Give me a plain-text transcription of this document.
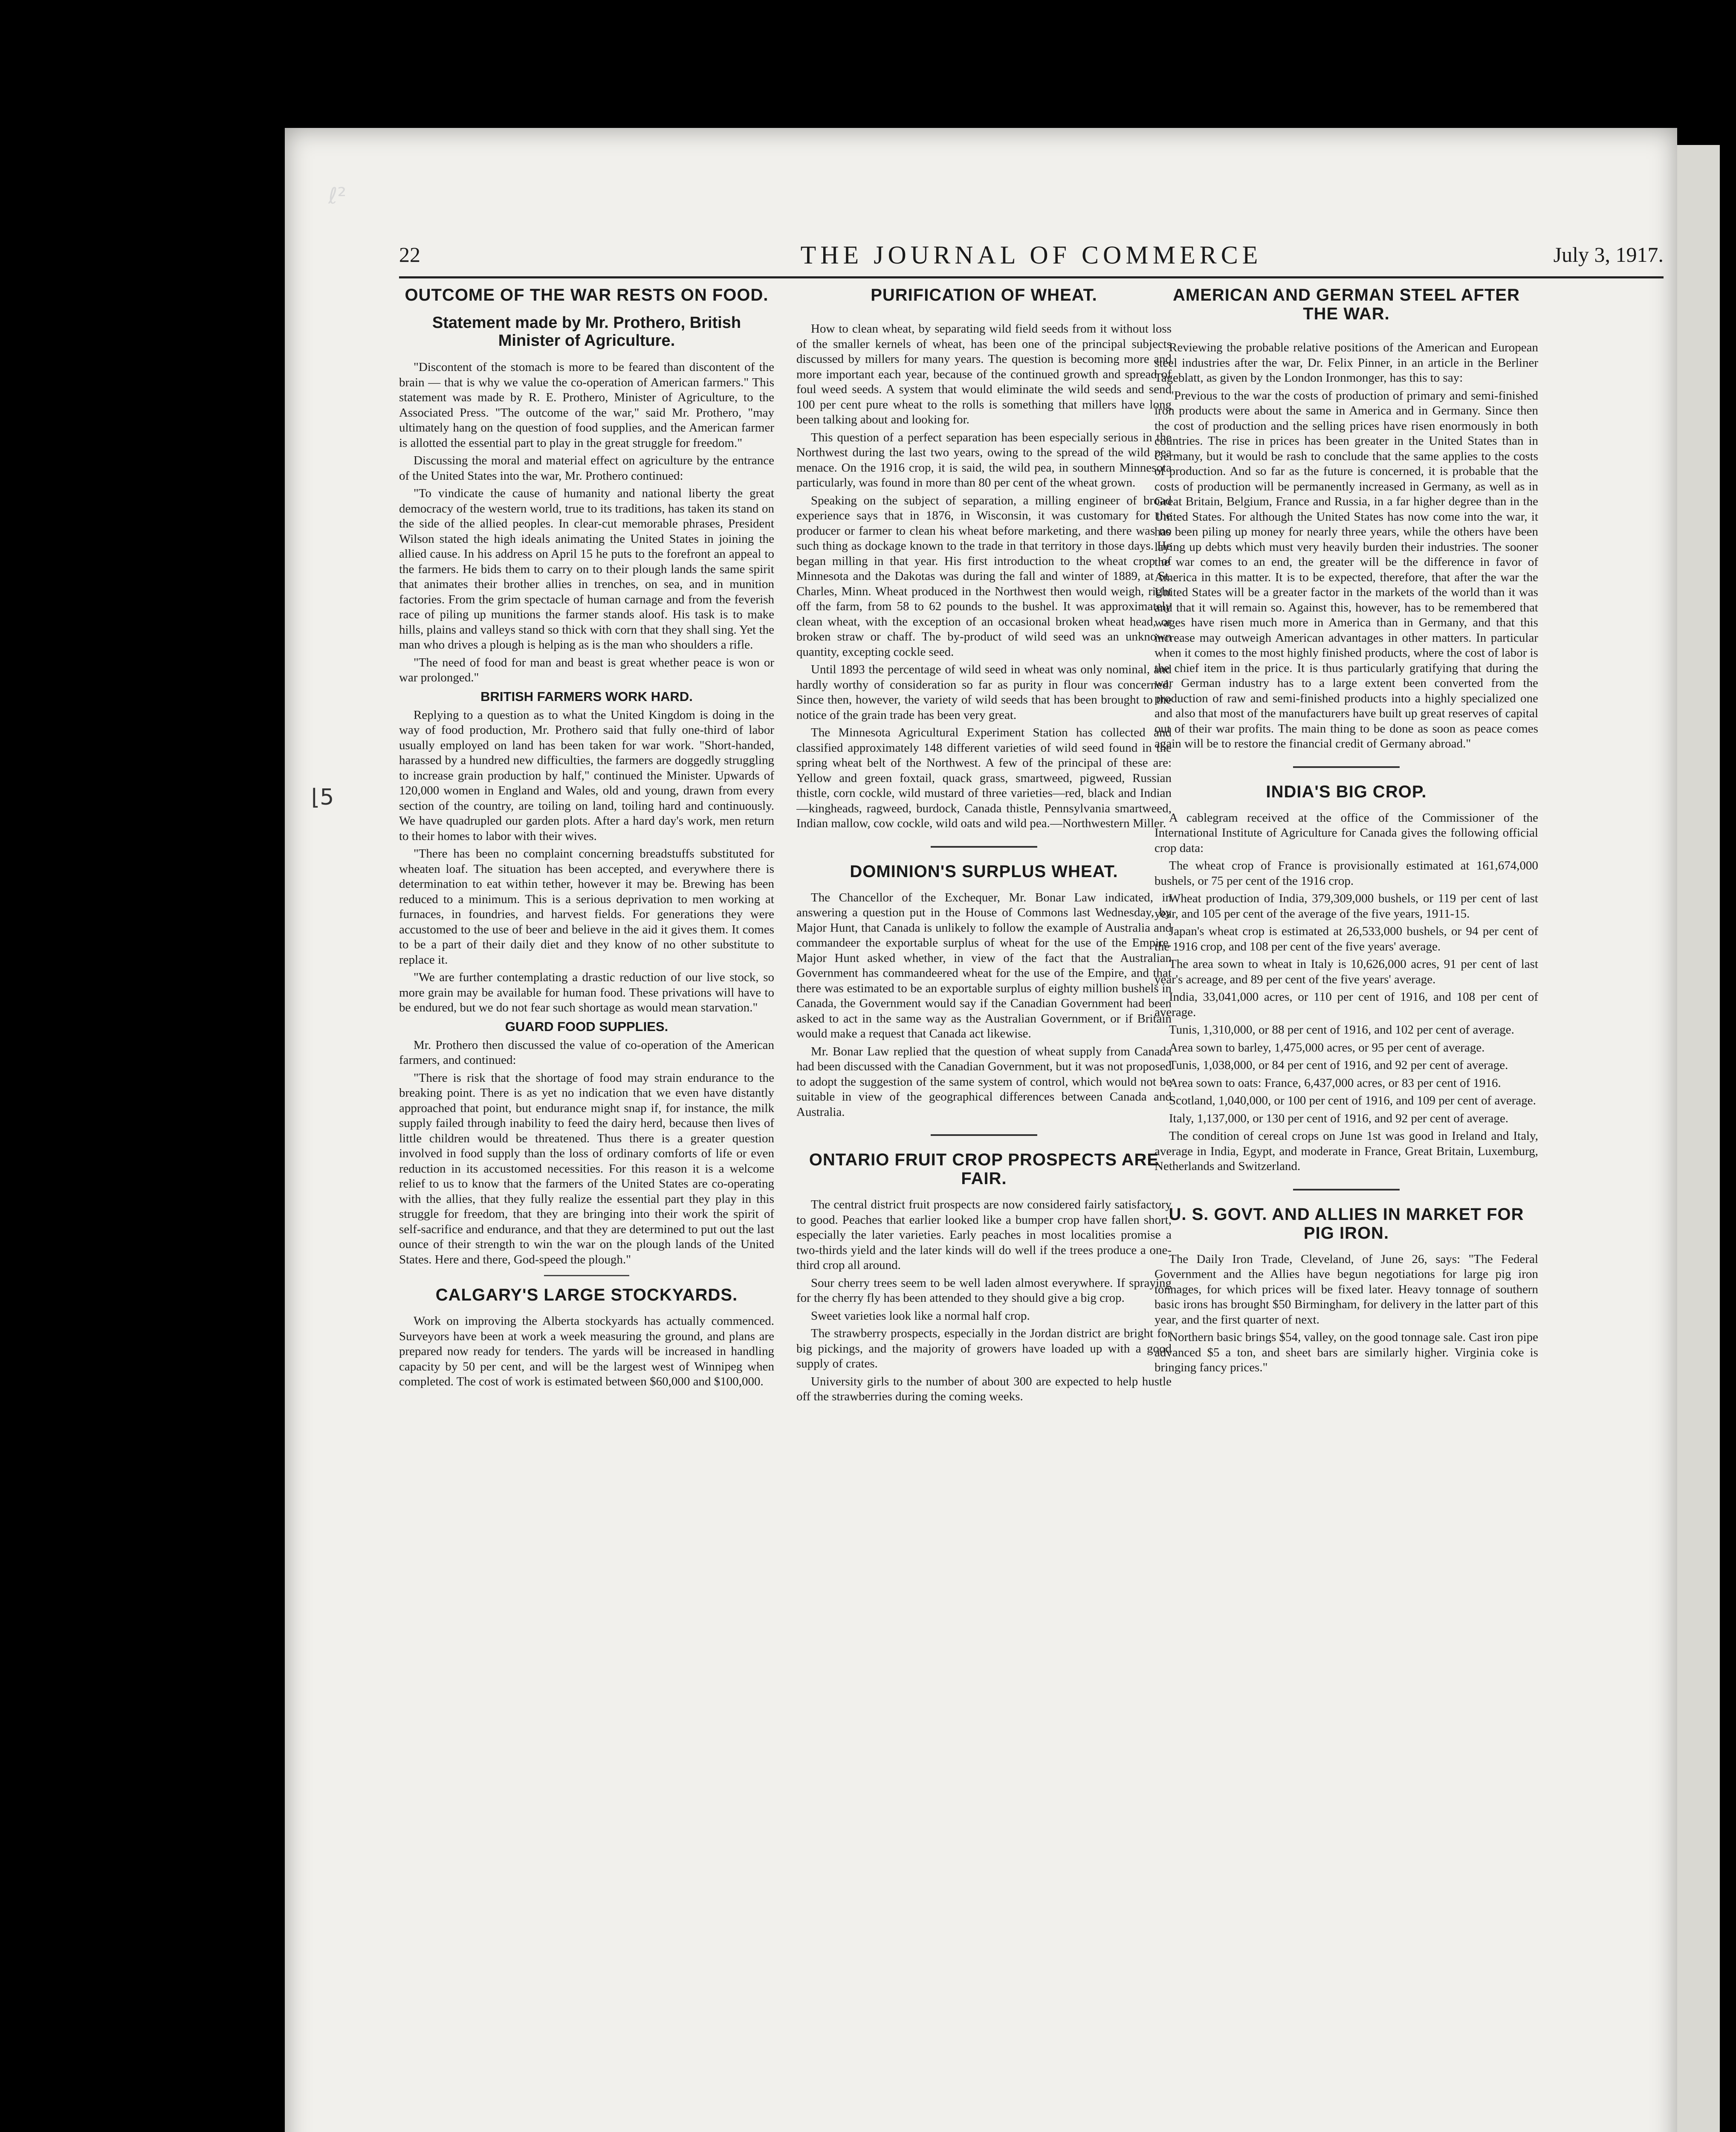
22	THE JOURNAL OF COMMERCE	July 3, 1917.
OUTCOME OF THE WAR RESTS ON FOOD.
Statement made by Mr. Prothero, British Minister of Agriculture.

"Discontent of the stomach is more to be feared than discontent of the brain — that is why we value the co-operation of American farmers." This statement was made by R. E. Prothero, Minister of Agriculture, to the Associated Press. "The outcome of the war," said Mr. Prothero, "may ultimately hang on the question of food supplies, and the American farmer is allotted the essential part to play in the great struggle for freedom."

Discussing the moral and material effect on agriculture by the entrance of the United States into the war, Mr. Prothero continued:

"To vindicate the cause of humanity and national liberty the great democracy of the western world, true to its traditions, has taken its stand on the side of the allied peoples. In clear-cut memorable phrases, President Wilson stated the high ideals animating the United States in joining the allied cause. In his address on April 15 he puts to the forefront an appeal to the farmers. He bids them to carry on to their plough lands the same spirit that animates their brother allies in trenches, on sea, and in munition factories. From the grim spectacle of human carnage and from the feverish race of piling up munitions the farmer stands aloof. His task is to make hills, plains and valleys stand so thick with corn that they shall sing. Yet the man who drives a plough is helping as is the man who shoulders a rifle.

"The need of food for man and beast is great whether peace is won or war prolonged."

BRITISH FARMERS WORK HARD.

Replying to a question as to what the United Kingdom is doing in the way of food production, Mr. Prothero said that fully one-third of labor usually employed on land has been taken for war work. "Short-handed, harassed by a hundred new difficulties, the farmers are doggedly struggling to increase grain production by half," continued the Minister. Upwards of 120,000 women in England and Wales, old and young, drawn from every section of the country, are toiling on land, toiling hard and continuously. We have quadrupled our garden plots. After a hard day's work, men return to their homes to labor with their wives.

"There has been no complaint concerning breadstuffs substituted for wheaten loaf. The situation has been accepted, and everywhere there is determination to eat within tether, however it may be. Brewing has been reduced to a minimum. This is a serious deprivation to men working at furnaces, in foundries, and harvest fields. For generations they were accustomed to the use of beer and believe in the aid it gives them. It comes to be a part of their daily diet and they know of no other substitute to replace it.

"We are further contemplating a drastic reduction of our live stock, so more grain may be available for human food. These privations will have to be endured, but we do not fear such shortage as would mean starvation."

GUARD FOOD SUPPLIES.

Mr. Prothero then discussed the value of co-operation of the American farmers, and continued:

"There is risk that the shortage of food may strain endurance to the breaking point. There is as yet no indication that we even have distantly approached that point, but endurance might snap if, for instance, the milk supply failed through inability to feed the dairy herd, because then lives of little children would be threatened. Thus there is a greater question involved in food supply than the loss of ordinary comforts of life or even reduction in its accustomed necessities. For this reason it is a welcome relief to us to know that the farmers of the United States are co-operating with the allies, that they fully realize the essential part they play in this struggle for freedom, that they are bringing into their work the spirit of self-sacrifice and endurance, and that they are determined to put out the last ounce of their strength to win the war on the plough lands of the United States. Here and there, God-speed the plough."

CALGARY'S LARGE STOCKYARDS.

Work on improving the Alberta stockyards has actually commenced. Surveyors have been at work a week measuring the ground, and plans are prepared now ready for tenders. The yards will be increased in handling capacity by 50 per cent, and will be the largest west of Winnipeg when completed. The cost of work is estimated between $60,000 and $100,000.

PURIFICATION OF WHEAT.

How to clean wheat, by separating wild field seeds from it without loss of the smaller kernels of wheat, has been one of the principal subjects discussed by millers for many years. The question is becoming more and more important each year, because of the continued growth and spread of foul weed seeds. A system that would eliminate the wild seeds and send 100 per cent pure wheat to the rolls is something that millers have long been talking about and looking for.

This question of a perfect separation has been especially serious in the Northwest during the last two years, owing to the spread of the wild pea menace. On the 1916 crop, it is said, the wild pea, in southern Minnesota particularly, was found in more than 80 per cent of the wheat grown.

Speaking on the subject of separation, a milling engineer of broad experience says that in 1876, in Wisconsin, it was customary for the producer or farmer to clean his wheat before marketing, and there was no such thing as dockage known to the trade in that territory in those days. He began milling in that year. His first introduction to the wheat crop of Minnesota and the Dakotas was during the fall and winter of 1889, at St. Charles, Minn. Wheat produced in the Northwest then would weigh, right off the farm, from 58 to 62 pounds to the bushel. It was approximately clean wheat, with the exception of an occasional broken wheat head, or broken straw or chaff. The by-product of wild seed was an unknown quantity, excepting cockle seed.

Until 1893 the percentage of wild seed in wheat was only nominal, and hardly worthy of consideration so far as purity in flour was concerned. Since then, however, the variety of wild seeds that has been brought to the notice of the grain trade has been very great.

The Minnesota Agricultural Experiment Station has collected and classified approximately 148 different varieties of wild seed found in the spring wheat belt of the Northwest. A few of the principal of these are: Yellow and green foxtail, quack grass, smartweed, pigweed, Russian thistle, corn cockle, wild mustard of three varieties—red, black and Indian—kingheads, ragweed, burdock, Canada thistle, Pennsylvania smartweed, Indian mallow, cow cockle, wild oats and wild pea.—Northwestern Miller.

DOMINION'S SURPLUS WHEAT.

The Chancellor of the Exchequer, Mr. Bonar Law indicated, in answering a question put in the House of Commons last Wednesday, by Major Hunt, that Canada is unlikely to follow the example of Australia and commandeer the exportable surplus of wheat for the use of the Empire. Major Hunt asked whether, in view of the fact that the Australian Government has commandeered wheat for the use of the Empire, and that there was estimated to be an exportable surplus of eighty million bushels in Canada, the Government would say if the Canadian Government had been asked to act in the same way as the Australian Government, or if Britain would make a request that Canada act likewise.

Mr. Bonar Law replied that the question of wheat supply from Canada had been discussed with the Canadian Government, but it was not proposed to adopt the suggestion of the same system of control, which would not be suitable in view of the geographical differences between Canada and Australia.

ONTARIO FRUIT CROP PROSPECTS ARE FAIR.

The central district fruit prospects are now considered fairly satisfactory to good. Peaches that earlier looked like a bumper crop have fallen short, especially the later varieties. Early peaches in most localities promise a two-thirds yield and the later kinds will do well if the trees produce a one-third crop all around.

Sour cherry trees seem to be well laden almost everywhere. If spraying for the cherry fly has been attended to they should give a big crop.

Sweet varieties look like a normal half crop.

The strawberry prospects, especially in the Jordan district are bright for big pickings, and the majority of growers have loaded up with a good supply of crates.

University girls to the number of about 300 are expected to help hustle off the strawberries during the coming weeks.

AMERICAN AND GERMAN STEEL AFTER THE WAR.

Reviewing the probable relative positions of the American and European steel industries after the war, Dr. Felix Pinner, in an article in the Berliner Tageblatt, as given by the London Ironmonger, has this to say:

"Previous to the war the costs of production of primary and semi-finished iron products were about the same in America and in Germany. Since then the cost of production and the selling prices have risen enormously in both countries. The rise in prices has been greater in the United States than in Germany, but it would be rash to conclude that the same applies to the costs of production. And so far as the future is concerned, it is probable that the costs of production will be permanently increased in Germany, as well as in Great Britain, Belgium, France and Russia, in a far higher degree than in the United States. For although the United States has now come into the war, it has been piling up money for nearly three years, while the others have been laying up debts which must very heavily burden their industries. The sooner the war comes to an end, the greater will be the difference in favor of America in this matter. It is to be expected, therefore, that after the war the United States will be a greater factor in the markets of the world than it was and that it will remain so. Against this, however, has to be remembered that wages have risen much more in America than in Germany, and that this increase may outweigh American advantages in other matters. In particular when it comes to the most highly finished products, where the cost of labor is the chief item in the price. It is thus particularly gratifying that during the war German industry has to a large extent been converted from the production of raw and semi-finished products into a highly specialized one and also that most of the manufacturers have built up great reserves of capital out of their war profits. The main thing to be done as soon as peace comes again will be to restore the financial credit of Germany abroad."

INDIA'S BIG CROP.

A cablegram received at the office of the Commissioner of the International Institute of Agriculture for Canada gives the following official crop data:

The wheat crop of France is provisionally estimated at 161,674,000 bushels, or 75 per cent of the 1916 crop.

Wheat production of India, 379,309,000 bushels, or 119 per cent of last year, and 105 per cent of the average of the five years, 1911-15.

Japan's wheat crop is estimated at 26,533,000 bushels, or 94 per cent of the 1916 crop, and 108 per cent of the five years' average.

The area sown to wheat in Italy is 10,626,000 acres, 91 per cent of last year's acreage, and 89 per cent of the five years' average.

India, 33,041,000 acres, or 110 per cent of 1916, and 108 per cent of average.

Tunis, 1,310,000, or 88 per cent of 1916, and 102 per cent of average.

Area sown to barley, 1,475,000 acres, or 95 per cent of average.

Tunis, 1,038,000, or 84 per cent of 1916, and 92 per cent of average.

Area sown to oats: France, 6,437,000 acres, or 83 per cent of 1916.

Scotland, 1,040,000, or 100 per cent of 1916, and 109 per cent of average.

Italy, 1,137,000, or 130 per cent of 1916, and 92 per cent of average.

The condition of cereal crops on June 1st was good in Ireland and Italy, average in India, Egypt, and moderate in France, Great Britain, Luxemburg, Netherlands and Switzerland.

U. S. GOVT. AND ALLIES IN MARKET FOR PIG IRON.

The Daily Iron Trade, Cleveland, of June 26, says: "The Federal Government and the Allies have begun negotiations for large pig iron tonnages, for which prices will be fixed later. Heavy tonnage of southern basic irons has brought $50 Birmingham, for delivery in the latter part of this year, and the first quarter of next.

Northern basic brings $54, valley, on the good tonnage sale. Cast iron pipe advanced $5 a ton, and sheet bars are similarly higher. Virginia coke is bringing fancy prices."

ℓ²
⌊5
